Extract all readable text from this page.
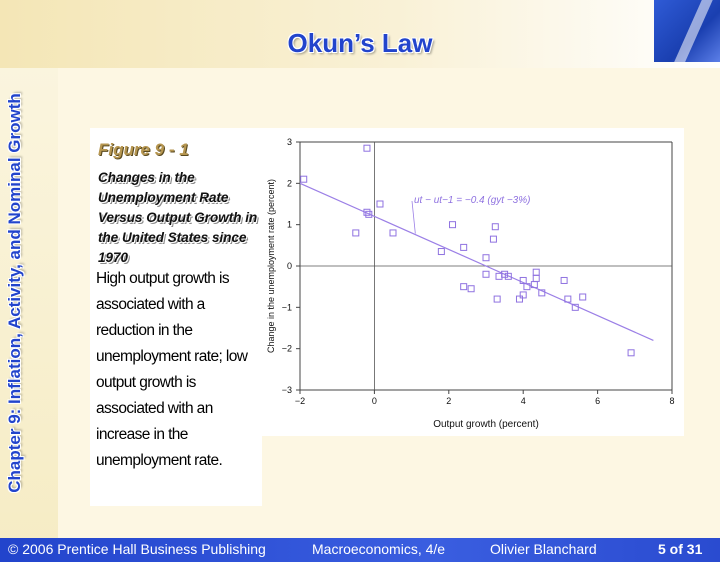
Okun’s Law
Chapter 9: Inflation, Activity, and Nominal Growth	Figure 9 - 1
Changes in the Unemployment Rate Versus Output Growth in the United States since 1970
High output growth is associated with a reduction in the unemployment rate; low output growth is associated with an increase in the unemployment rate.
−2	0	2	4	6	8
3
2
1
0
−1
−2
−3
ut − ut−1 = −0.4 (gyt −3%)
Output growth (percent)
Change in the unemployment rate (percent)
© 2006 Prentice Hall Business Publishing	Macroeconomics, 4/e	Olivier Blanchard	5 of 31
